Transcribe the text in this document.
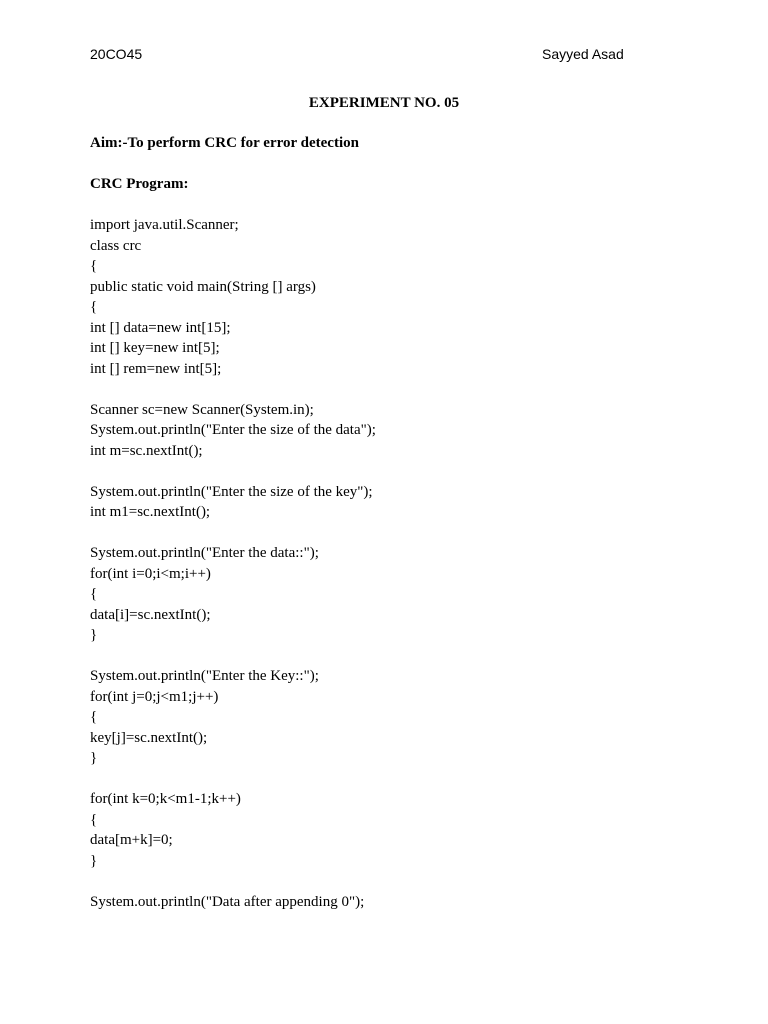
20CO45	Sayyed Asad
EXPERIMENT NO. 05
Aim:-To perform CRC for error detection
CRC Program:
import java.util.Scanner;
class crc
{
public static void main(String [] args)
{
int [] data=new int[15];
int [] key=new int[5];
int [] rem=new int[5];
Scanner sc=new Scanner(System.in);
System.out.println("Enter the size of the data");
int m=sc.nextInt();
System.out.println("Enter the size of the key");
int m1=sc.nextInt();
System.out.println("Enter the data::");
for(int i=0;i<m;i++)
{
data[i]=sc.nextInt();
}
System.out.println("Enter the Key::");
for(int j=0;j<m1;j++)
{
key[j]=sc.nextInt();
}
for(int k=0;k<m1-1;k++)
{
data[m+k]=0;
}
System.out.println("Data after appending 0");
